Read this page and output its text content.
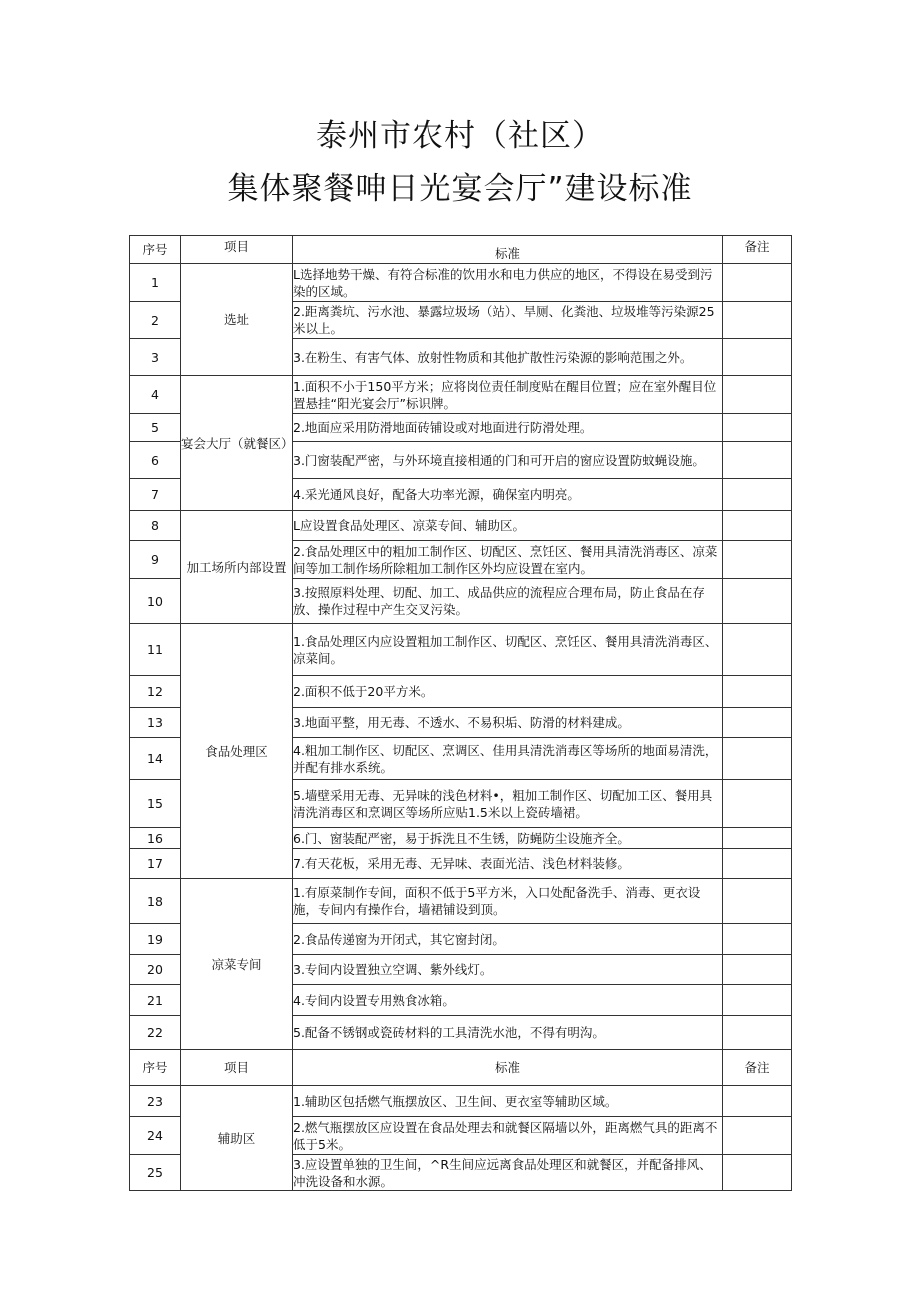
泰州市农村（社区）
集体聚餐呻日光宴会厅”建设标准
序号	项目	标准	备注
1	选址	L选择地势干燥、有符合标准的饮用水和电力供应的地区，不得设在易受到污染的区域。	
2		2.距离粪坑、污水池、暴露垃圾场（站）、旱厕、化粪池、垃圾堆等污染源25米以上。	
3		3.在粉生、有害气体、放射性物质和其他扩散性污染源的影响范围之外。	
4	宴会大厅（就餐区）	1.面积不小于150平方米；应将岗位责任制度贴在醒目位置；应在室外醒目位置悬挂“阳光宴会厅”标识牌。	
5		2.地面应采用防滑地面砖铺设或对地面进行防滑处理。	
6		3.门窗装配严密，与外环境直接相通的门和可开启的窗应设置防蚊蝇设施。	
7		4.采光通风良好，配备大功率光源，确保室内明亮。	
8	加工场所内部设置	L应设置食品处理区、凉菜专间、辅助区。	
9		2.食品处理区中的粗加工制作区、切配区、烹饪区、餐用具清洗消毒区、凉菜间等加工制作场所除粗加工制作区外均应设置在室内。	
10		3.按照原料处理、切配、加工、成品供应的流程应合理布局，防止食品在存放、操作过程中产生交叉污染。	
11	食品处理区	1.食品处理区内应设置粗加工制作区、切配区、烹饪区、餐用具清洗消毒区、凉菜间。	
12		2.面积不低于20平方米。	
13		3.地面平整，用无毒、不透水、不易积垢、防滑的材料建成。	
14		4.粗加工制作区、切配区、烹调区、佳用具清洗消毒区等场所的地面易清洗，并配有排水系统。	
15		5.墙壁采用无毒、无异味的浅色材料•，粗加工制作区、切配加工区、餐用具清洗消毒区和烹调区等场所应贴1.5米以上瓷砖墙裙。	
16		6.门、窗装配严密，易于拆洗且不生锈，防蝇防尘设施齐全。	
17		7.有天花板，采用无毒、无异味、表面光洁、浅色材料装修。	
18	凉菜专间	1.有原菜制作专间，面积不低于5平方米，入口处配备洗手、消毒、更衣设施，专间内有操作台，墙裙铺设到顶。	
19		2.食品传递窗为开闭式，其它窗封闭。	
20		3.专间内设置独立空调、紫外线灯。	
21		4.专间内设置专用熟食冰箱。	
22		5.配备不锈钢或瓷砖材料的工具清洗水池，不得有明沟。	
序号	项目	标准	备注
23	辅助区	1.辅助区包括燃气瓶摆放区、卫生间、更衣室等辅助区域。	
24		2.燃气瓶摆放区应设置在食品处理去和就餐区隔墙以外，距离燃气具的距离不低于5米。	
25		3.应设置单独的卫生间，^R生间应远离食品处理区和就餐区，并配备排风、冲洗设备和水源。	
